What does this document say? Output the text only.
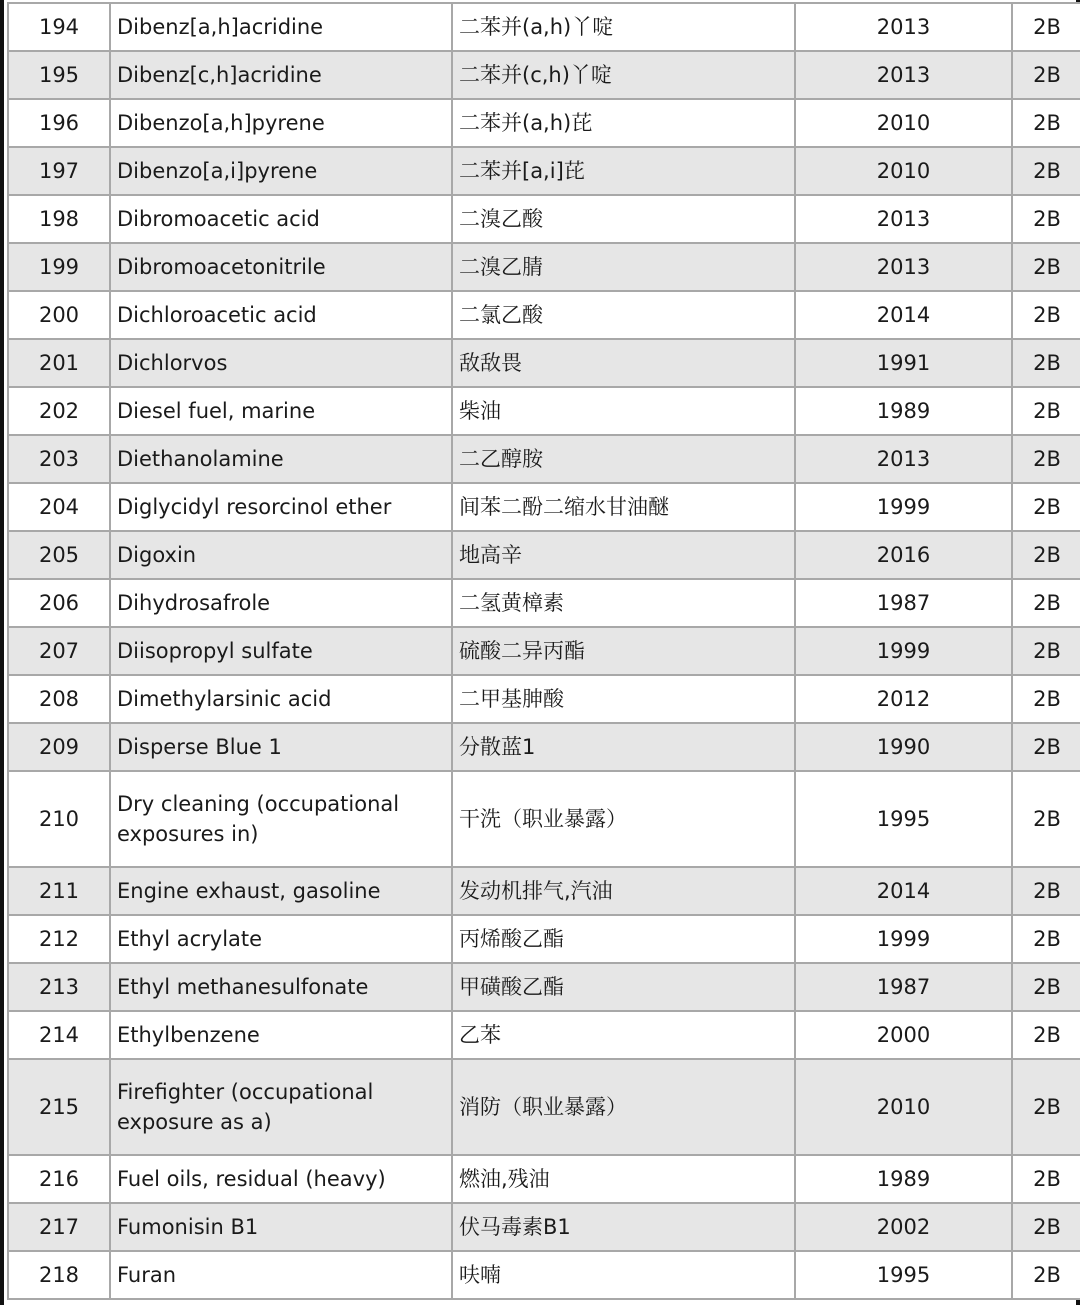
194	Dibenz[a,h]acridine	二苯并(a,h)丫啶	2013	2B
195	Dibenz[c,h]acridine	二苯并(c,h)丫啶	2013	2B
196	Dibenzo[a,h]pyrene	二苯并(a,h)芘	2010	2B
197	Dibenzo[a,i]pyrene	二苯并[a,i]芘	2010	2B
198	Dibromoacetic acid	二溴乙酸	2013	2B
199	Dibromoacetonitrile	二溴乙腈	2013	2B
200	Dichloroacetic acid	二氯乙酸	2014	2B
201	Dichlorvos	敌敌畏	1991	2B
202	Diesel fuel, marine	柴油	1989	2B
203	Diethanolamine	二乙醇胺	2013	2B
204	Diglycidyl resorcinol ether	间苯二酚二缩水甘油醚	1999	2B
205	Digoxin	地高辛	2016	2B
206	Dihydrosafrole	二氢黄樟素	1987	2B
207	Diisopropyl sulfate	硫酸二异丙酯	1999	2B
208	Dimethylarsinic acid	二甲基胂酸	2012	2B
209	Disperse Blue 1	分散蓝1	1990	2B
210	Dry cleaning (occupational exposures in)	干洗（职业暴露）	1995	2B
211	Engine exhaust, gasoline	发动机排气,汽油	2014	2B
212	Ethyl acrylate	丙烯酸乙酯	1999	2B
213	Ethyl methanesulfonate	甲磺酸乙酯	1987	2B
214	Ethylbenzene	乙苯	2000	2B
215	Firefighter (occupational exposure as a)	消防（职业暴露）	2010	2B
216	Fuel oils, residual (heavy)	燃油,残油	1989	2B
217	Fumonisin B1	伏马毒素B1	2002	2B
218	Furan	呋喃	1995	2B
